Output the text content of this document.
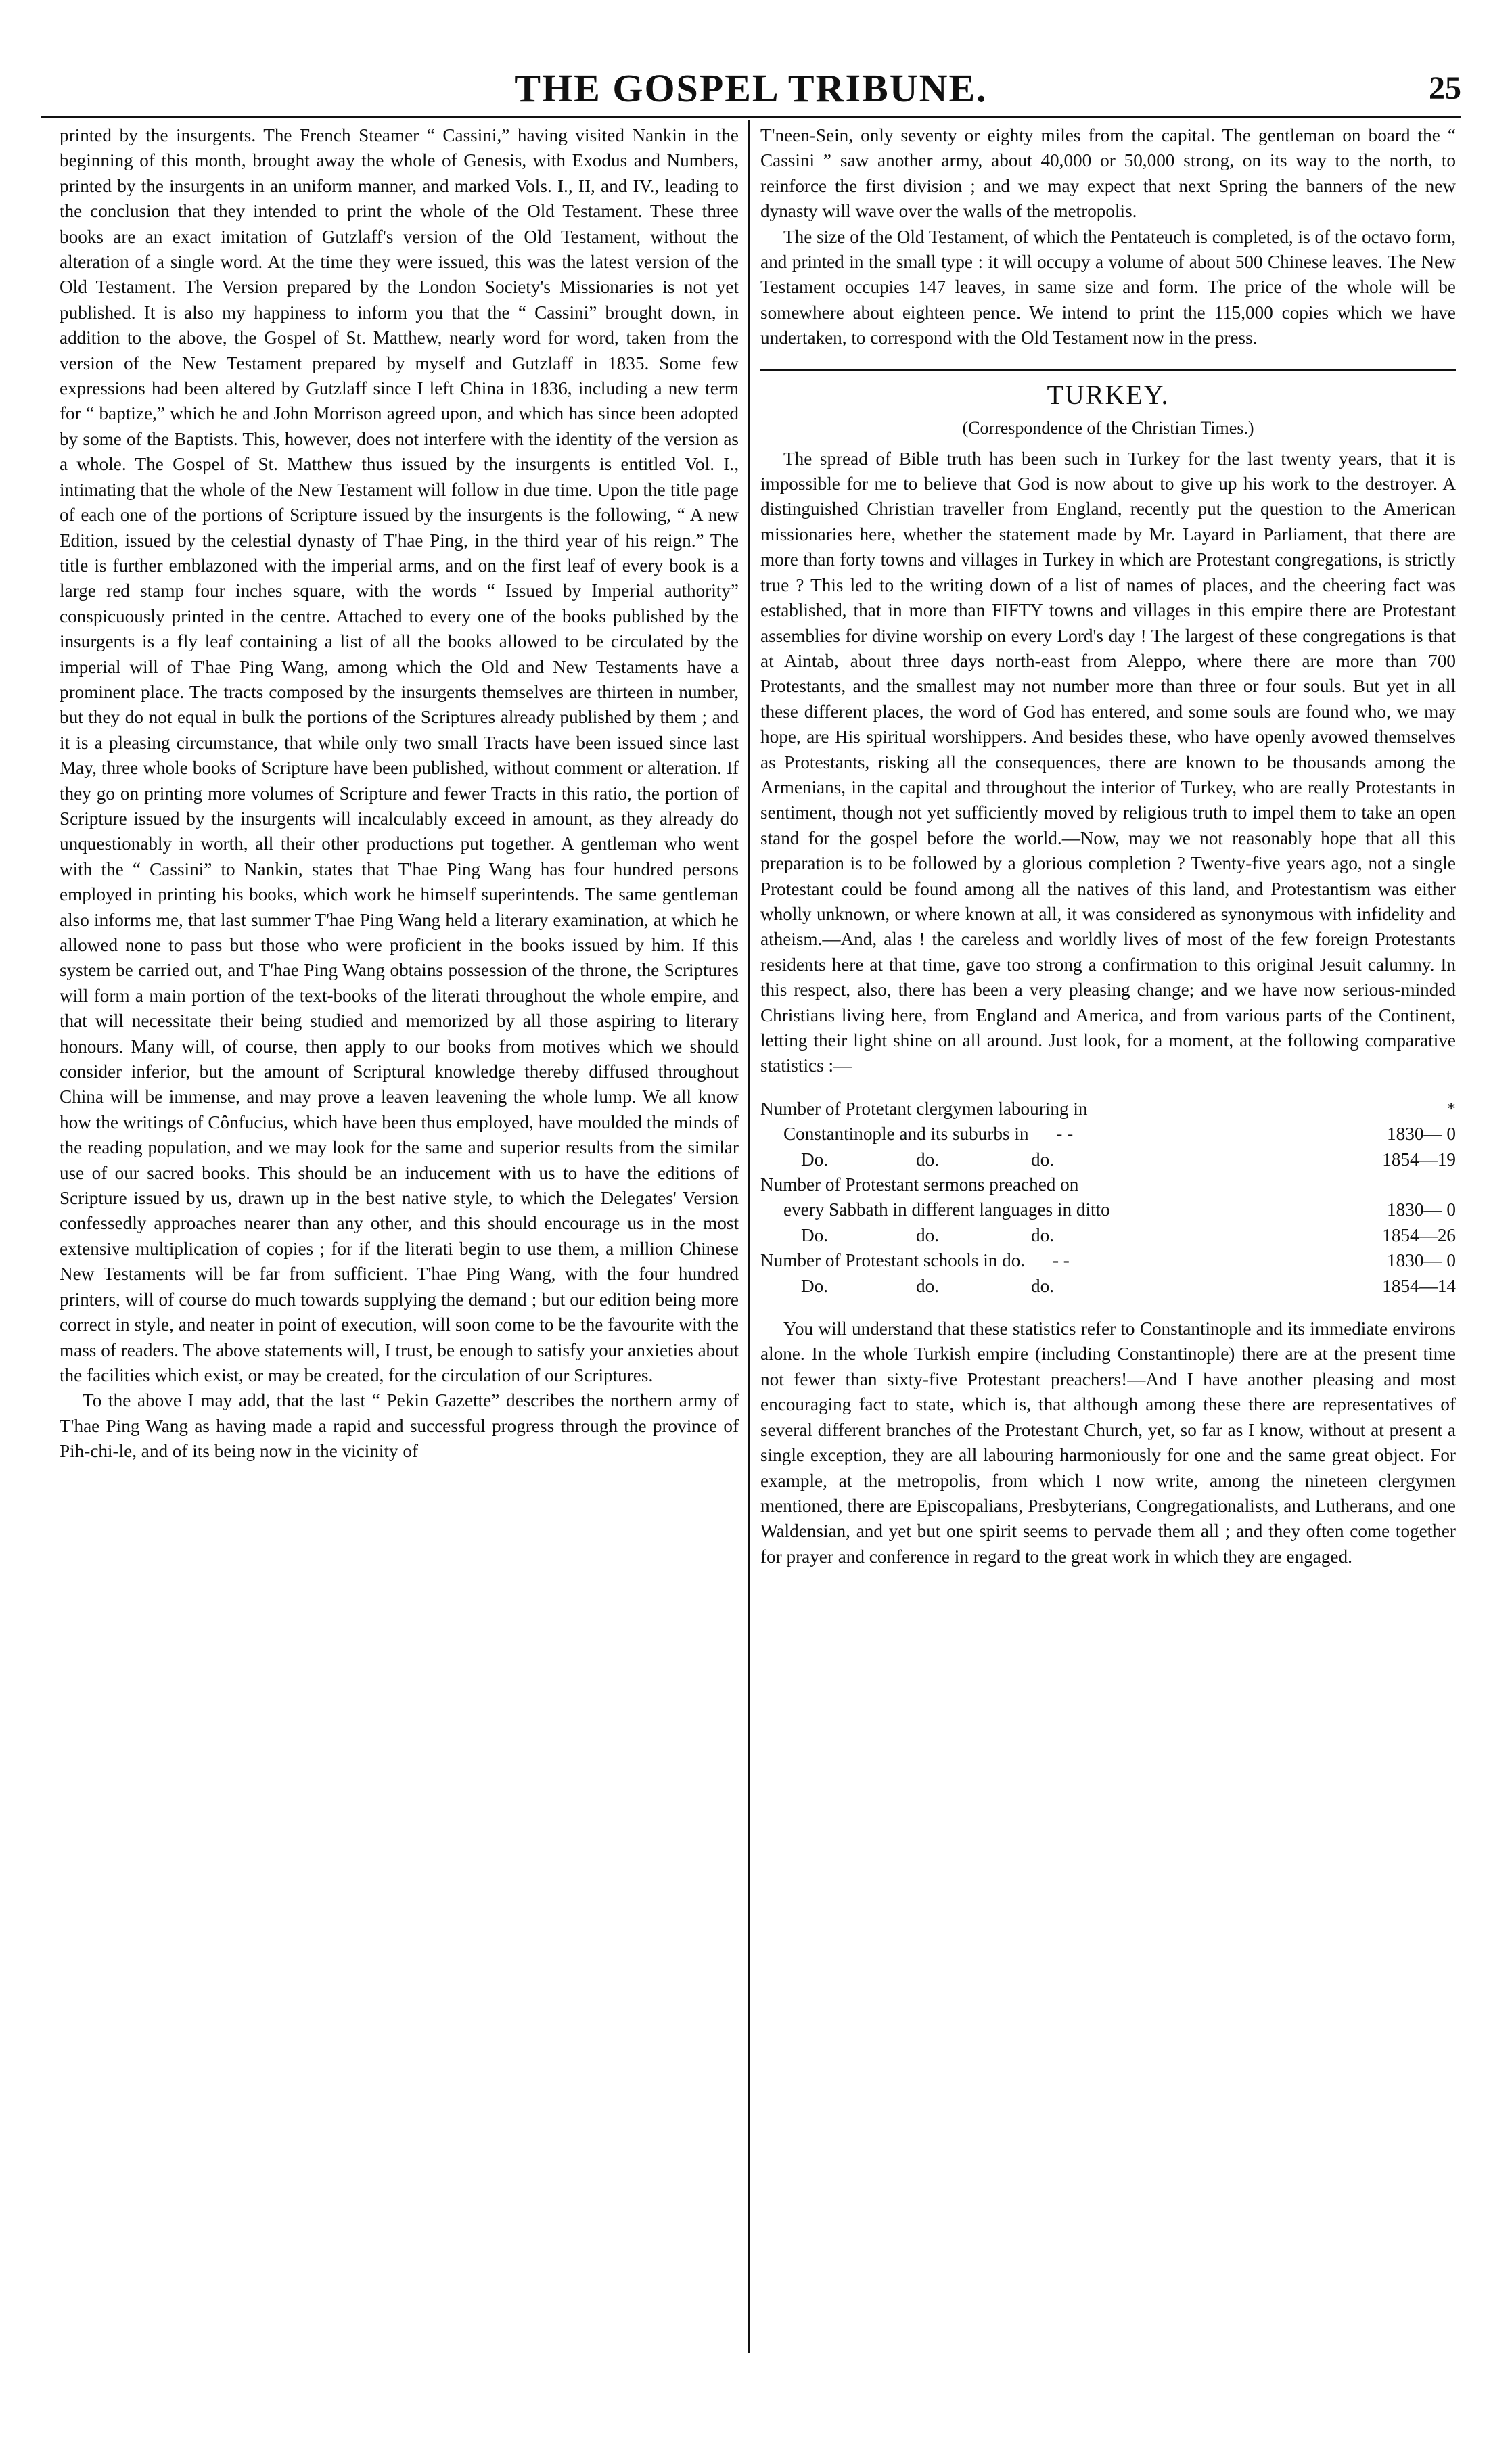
THE GOSPEL TRIBUNE.	25

printed by the insurgents. The French Steamer “ Cassini,” having visited Nankin in the beginning of this month, brought away the whole of Genesis, with Exodus and Numbers, printed by the insurgents in an uniform manner, and marked Vols. I., II, and IV., leading to the conclusion that they intended to print the whole of the Old Testament. These three books are an exact imitation of Gutzlaff's version of the Old Testament, without the alteration of a single word. At the time they were issued, this was the latest version of the Old Testament. The Version prepared by the London Society's Missionaries is not yet published. It is also my happiness to inform you that the “ Cassini” brought down, in addition to the above, the Gospel of St. Matthew, nearly word for word, taken from the version of the New Testament prepared by myself and Gutzlaff in 1835. Some few expressions had been altered by Gutzlaff since I left China in 1836, including a new term for “ baptize,” which he and John Morrison agreed upon, and which has since been adopted by some of the Baptists. This, however, does not interfere with the identity of the version as a whole. The Gospel of St. Matthew thus issued by the insurgents is entitled Vol. I., intimating that the whole of the New Testament will follow in due time. Upon the title page of each one of the portions of Scripture issued by the insurgents is the following, “ A new Edition, issued by the celestial dynasty of T'hae Ping, in the third year of his reign.” The title is further emblazoned with the imperial arms, and on the first leaf of every book is a large red stamp four inches square, with the words “ Issued by Imperial authority” conspicuously printed in the centre. Attached to every one of the books published by the insurgents is a fly leaf containing a list of all the books allowed to be circulated by the imperial will of T'hae Ping Wang, among which the Old and New Testaments have a prominent place. The tracts composed by the insurgents themselves are thirteen in number, but they do not equal in bulk the portions of the Scriptures already published by them ; and it is a pleasing circumstance, that while only two small Tracts have been issued since last May, three whole books of Scripture have been published, without comment or alteration. If they go on printing more volumes of Scripture and fewer Tracts in this ratio, the portion of Scripture issued by the insurgents will incalculably exceed in amount, as they already do unquestionably in worth, all their other productions put together. A gentleman who went with the “ Cassini” to Nankin, states that T'hae Ping Wang has four hundred persons employed in printing his books, which work he himself superintends. The same gentleman also informs me, that last summer T'hae Ping Wang held a literary examination, at which he allowed none to pass but those who were proficient in the books issued by him. If this system be carried out, and T'hae Ping Wang obtains possession of the throne, the Scriptures will form a main portion of the text-books of the literati throughout the whole empire, and that will necessitate their being studied and memorized by all those aspiring to literary honours. Many will, of course, then apply to our books from motives which we should consider inferior, but the amount of Scriptural knowledge thereby diffused throughout China will be immense, and may prove a leaven leavening the whole lump. We all know how the writings of Cônfucius, which have been thus employed, have moulded the minds of the reading population, and we may look for the same and superior results from the similar use of our sacred books. This should be an inducement with us to have the editions of Scripture issued by us, drawn up in the best native style, to which the Delegates' Version confessedly approaches nearer than any other, and this should encourage us in the most extensive multiplication of copies ; for if the literati begin to use them, a million Chinese New Testaments will be far from sufficient. T'hae Ping Wang, with the four hundred printers, will of course do much towards supplying the demand ; but our edition being more correct in style, and neater in point of execution, will soon come to be the favourite with the mass of readers. The above statements will, I trust, be enough to satisfy your anxieties about the facilities which exist, or may be created, for the circulation of our Scriptures.

To the above I may add, that the last “ Pekin Gazette” describes the northern army of T'hae Ping Wang as having made a rapid and successful progress through the province of Pih-chi-le, and of its being now in the vicinity of

T'neen-Sein, only seventy or eighty miles from the capital. The gentleman on board the “ Cassini ” saw another army, about 40,000 or 50,000 strong, on its way to the north, to reinforce the first division ; and we may expect that next Spring the banners of the new dynasty will wave over the walls of the metropolis.

The size of the Old Testament, of which the Pentateuch is completed, is of the octavo form, and printed in the small type : it will occupy a volume of about 500 Chinese leaves. The New Testament occupies 147 leaves, in same size and form. The price of the whole will be somewhere about eighteen pence. We intend to print the 115,000 copies which we have undertaken, to correspond with the Old Testament now in the press.

TURKEY.
(Correspondence of the Christian Times.)

The spread of Bible truth has been such in Turkey for the last twenty years, that it is impossible for me to believe that God is now about to give up his work to the destroyer. A distinguished Christian traveller from England, recently put the question to the American missionaries here, whether the statement made by Mr. Layard in Parliament, that there are more than forty towns and villages in Turkey in which are Protestant congregations, is strictly true ? This led to the writing down of a list of names of places, and the cheering fact was established, that in more than FIFTY towns and villages in this empire there are Protestant assemblies for divine worship on every Lord's day ! The largest of these congregations is that at Aintab, about three days north-east from Aleppo, where there are more than 700 Protestants, and the smallest may not number more than three or four souls. But yet in all these different places, the word of God has entered, and some souls are found who, we may hope, are His spiritual worshippers. And besides these, who have openly avowed themselves as Protestants, risking all the consequences, there are known to be thousands among the Armenians, in the capital and throughout the interior of Turkey, who are really Protestants in sentiment, though not yet sufficiently moved by religious truth to impel them to take an open stand for the gospel before the world.—Now, may we not reasonably hope that all this preparation is to be followed by a glorious completion ? Twenty-five years ago, not a single Protestant could be found among all the natives of this land, and Protestantism was either wholly unknown, or where known at all, it was considered as synonymous with infidelity and atheism.—And, alas ! the careless and worldly lives of most of the few foreign Protestants residents here at that time, gave too strong a confirmation to this original Jesuit calumny. In this respect, also, there has been a very pleasing change; and we have now serious-minded Christians living here, from England and America, and from various parts of the Continent, letting their light shine on all around. Just look, for a moment, at the following comparative statistics :—

Number of Protetant clergymen labouring in	*
Constantinople and its suburbs in - -	1830— 0
Do.	do.	do.	1854—19
Number of Protestant sermons preached on
every Sabbath in different languages in ditto	1830— 0
Do.	do.	do.	1854—26
Number of Protestant schools in do. - -	1830— 0
Do.	do.	do.	1854—14

You will understand that these statistics refer to Constantinople and its immediate environs alone. In the whole Turkish empire (including Constantinople) there are at the present time not fewer than sixty-five Protestant preachers!—And I have another pleasing and most encouraging fact to state, which is, that although among these there are representatives of several different branches of the Protestant Church, yet, so far as I know, without at present a single exception, they are all labouring harmoniously for one and the same great object. For example, at the metropolis, from which I now write, among the nineteen clergymen mentioned, there are Episcopalians, Presbyterians, Congregationalists, and Lutherans, and one Waldensian, and yet but one spirit seems to pervade them all ; and they often come together for prayer and conference in regard to the great work in which they are engaged.
